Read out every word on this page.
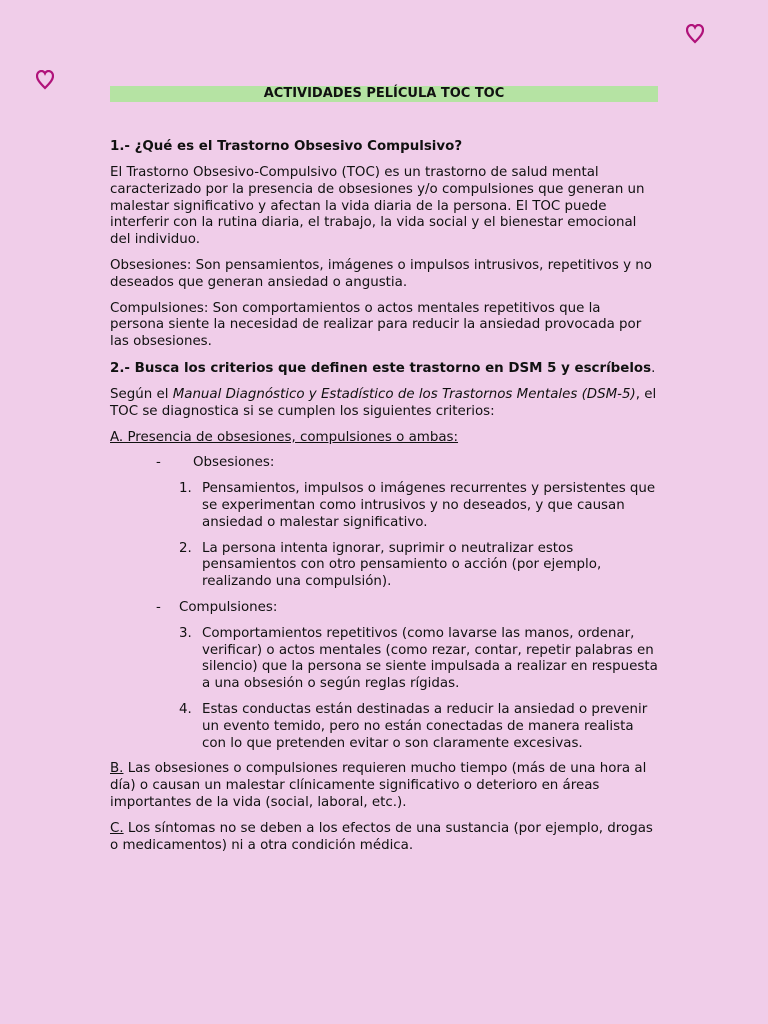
ACTIVIDADES PELÍCULA TOC TOC
1.- ¿Qué es el Trastorno Obsesivo Compulsivo?

El Trastorno Obsesivo-Compulsivo (TOC) es un trastorno de salud mental caracterizado por la presencia de obsesiones y/o compulsiones que generan un malestar significativo y afectan la vida diaria de la persona. El TOC puede interferir con la rutina diaria, el trabajo, la vida social y el bienestar emocional del individuo.

Obsesiones: Son pensamientos, imágenes o impulsos intrusivos, repetitivos y no deseados que generan ansiedad o angustia.

Compulsiones: Son comportamientos o actos mentales repetitivos que la persona siente la necesidad de realizar para reducir la ansiedad provocada por las obsesiones.

2.- Busca los criterios que definen este trastorno en DSM 5 y escríbelos.

Según el Manual Diagnóstico y Estadístico de los Trastornos Mentales (DSM-5), el TOC se diagnostica si se cumplen los siguientes criterios:

A. Presencia de obsesiones, compulsiones o ambas:

- Obsesiones:
1. Pensamientos, impulsos o imágenes recurrentes y persistentes que se experimentan como intrusivos y no deseados, y que causan ansiedad o malestar significativo.
2. La persona intenta ignorar, suprimir o neutralizar estos pensamientos con otro pensamiento o acción (por ejemplo, realizando una compulsión).
- Compulsiones:
3. Comportamientos repetitivos (como lavarse las manos, ordenar, verificar) o actos mentales (como rezar, contar, repetir palabras en silencio) que la persona se siente impulsada a realizar en respuesta a una obsesión o según reglas rígidas.
4. Estas conductas están destinadas a reducir la ansiedad o prevenir un evento temido, pero no están conectadas de manera realista con lo que pretenden evitar o son claramente excesivas.

B. Las obsesiones o compulsiones requieren mucho tiempo (más de una hora al día) o causan un malestar clínicamente significativo o deterioro en áreas importantes de la vida (social, laboral, etc.).

C. Los síntomas no se deben a los efectos de una sustancia (por ejemplo, drogas o medicamentos) ni a otra condición médica.
